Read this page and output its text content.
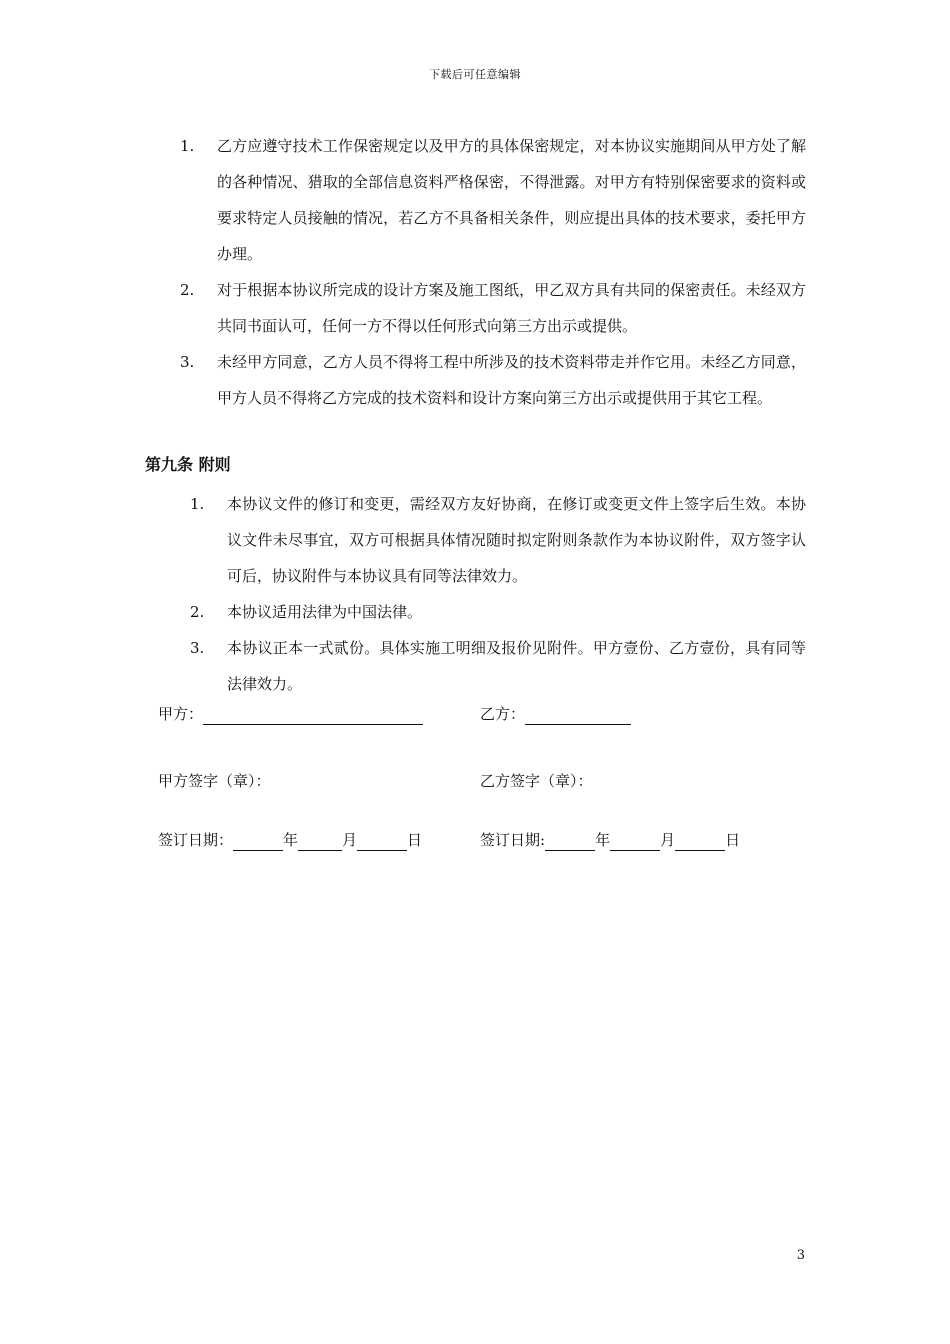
下载后可任意编辑
1. 乙方应遵守技术工作保密规定以及甲方的具体保密规定，对本协议实施期间从甲方处了解的各种情况、猎取的全部信息资料严格保密，不得泄露。对甲方有特别保密要求的资料或要求特定人员接触的情况，若乙方不具备相关条件，则应提出具体的技术要求，委托甲方办理。
2. 对于根据本协议所完成的设计方案及施工图纸，甲乙双方具有共同的保密责任。未经双方共同书面认可，任何一方不得以任何形式向第三方出示或提供。
3. 未经甲方同意，乙方人员不得将工程中所涉及的技术资料带走并作它用。未经乙方同意，甲方人员不得将乙方完成的技术资料和设计方案向第三方出示或提供用于其它工程。
第九条 附则
1. 本协议文件的修订和变更，需经双方友好协商，在修订或变更文件上签字后生效。本协议文件未尽事宜，双方可根据具体情况随时拟定附则条款作为本协议附件，双方签字认可后，协议附件与本协议具有同等法律效力。
2. 本协议适用法律为中国法律。
3. 本协议正本一式贰份。具体实施工明细及报价见附件。甲方壹份、乙方壹份，具有同等法律效力。
甲方：	乙方：
甲方签字（章）：	乙方签字（章）：
签订日期：	年	月	日	签订日期:	年	月	日
3
